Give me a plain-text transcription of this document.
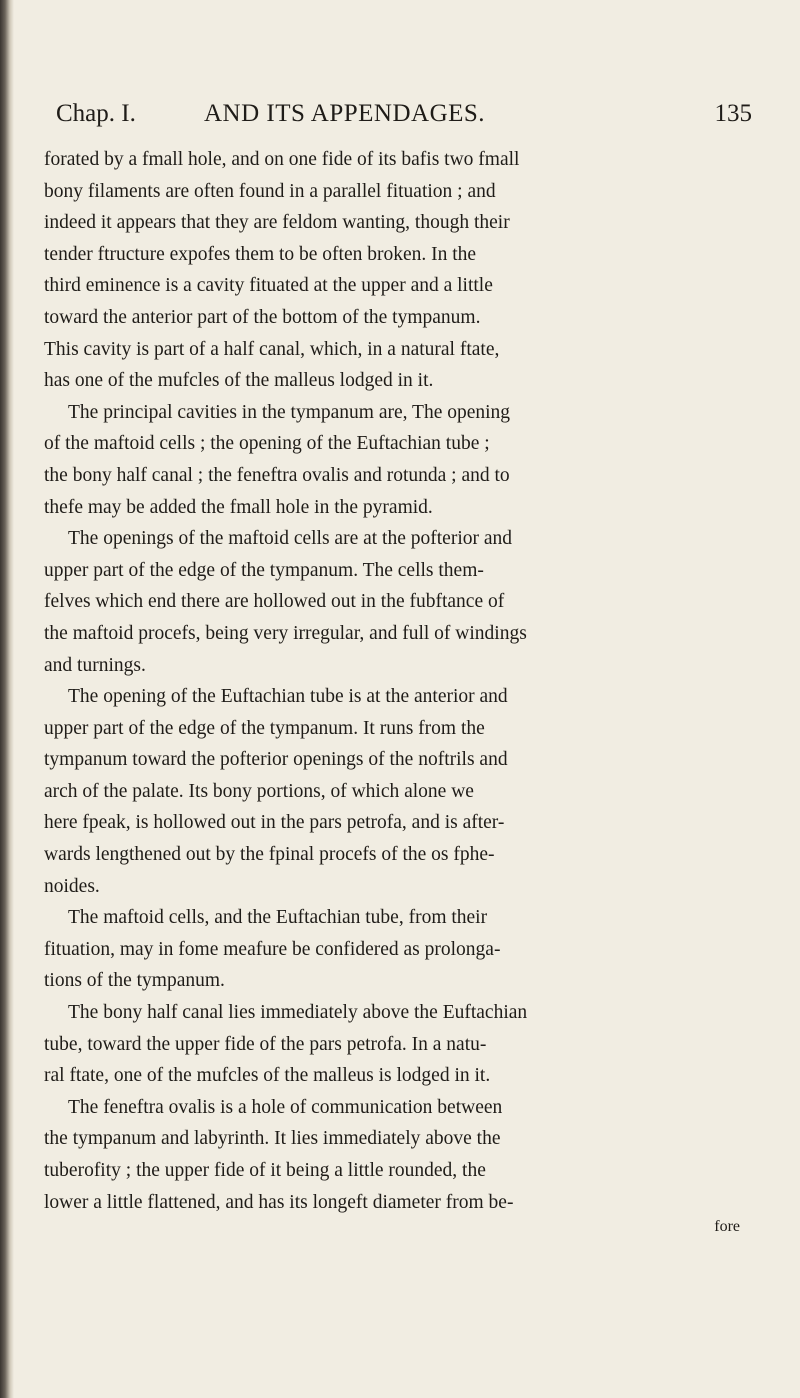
Chap. I.	AND ITS APPENDAGES.	135
forated by a fmall hole, and on one fide of its bafis two fmall
bony filaments are often found in a parallel fituation ; and
indeed it appears that they are feldom wanting, though their
tender ftructure expofes them to be often broken. In the
third eminence is a cavity fituated at the upper and a little
toward the anterior part of the bottom of the tympanum.
This cavity is part of a half canal, which, in a natural ftate,
has one of the mufcles of the malleus lodged in it.
The principal cavities in the tympanum are, The opening
of the maftoid cells ; the opening of the Euftachian tube ;
the bony half canal ; the feneftra ovalis and rotunda ; and to
thefe may be added the fmall hole in the pyramid.
The openings of the maftoid cells are at the pofterior and
upper part of the edge of the tympanum. The cells them-
felves which end there are hollowed out in the fubftance of
the maftoid procefs, being very irregular, and full of windings
and turnings.
The opening of the Euftachian tube is at the anterior and
upper part of the edge of the tympanum. It runs from the
tympanum toward the pofterior openings of the noftrils and
arch of the palate. Its bony portions, of which alone we
here fpeak, is hollowed out in the pars petrofa, and is after-
wards lengthened out by the fpinal procefs of the os fphe-
noides.
The maftoid cells, and the Euftachian tube, from their
fituation, may in fome meafure be confidered as prolonga-
tions of the tympanum.
The bony half canal lies immediately above the Euftachian
tube, toward the upper fide of the pars petrofa. In a natu-
ral ftate, one of the mufcles of the malleus is lodged in it.
The feneftra ovalis is a hole of communication between
the tympanum and labyrinth. It lies immediately above the
tuberofity ; the upper fide of it being a little rounded, the
lower a little flattened, and has its longeft diameter from be-
fore
